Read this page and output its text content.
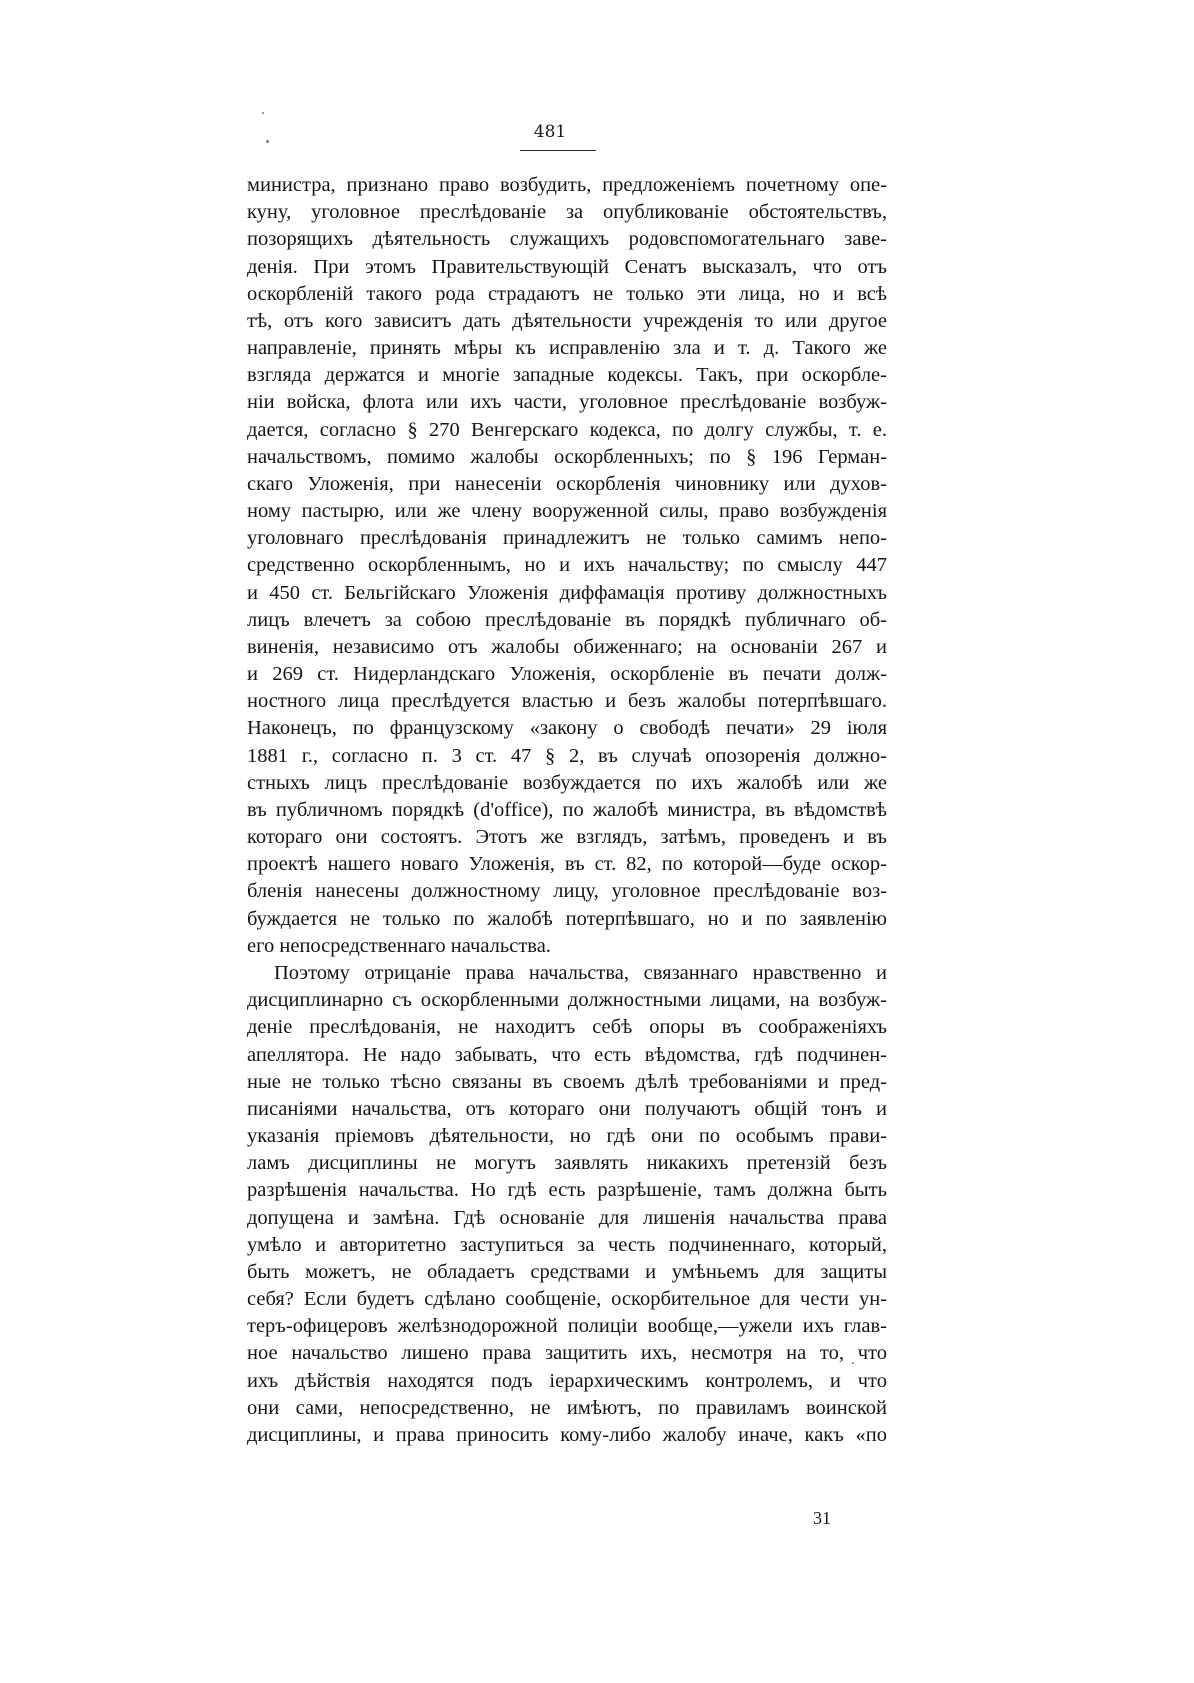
481
министра, признано право возбудить, предложеніемъ почетному опе-
куну, уголовное преслѣдованіе за опубликованіе обстоятельствъ,
позорящихъ дѣятельность служащихъ родовспомогательнаго заве-
денія. При этомъ Правительствующій Сенатъ высказалъ, что отъ
оскорбленій такого рода страдаютъ не только эти лица, но и всѣ
тѣ, отъ кого зависитъ дать дѣятельности учрежденія то или другое
направленіе, принять мѣры къ исправленію зла и т. д. Такого же
взгляда держатся и многіе западные кодексы. Такъ, при оскорбле-
ніи войска, флота или ихъ части, уголовное преслѣдованіе возбуж-
дается, согласно § 270 Венгерскаго кодекса, по долгу службы, т. е.
начальствомъ, помимо жалобы оскорбленныхъ; по § 196 Герман-
скаго Уложенія, при нанесеніи оскорбленія чиновнику или духов-
ному пастырю, или же члену вооруженной силы, право возбужденія
уголовнаго преслѣдованія принадлежитъ не только самимъ непо-
средственно оскорбленнымъ, но и ихъ начальству; по смыслу 447
и 450 ст. Бельгійскаго Уложенія диффамація противу должностныхъ
лицъ влечетъ за собою преслѣдованіе въ порядкѣ публичнаго об-
виненія, независимо отъ жалобы обиженнаго; на основаніи 267 и
и 269 ст. Нидерландскаго Уложенія, оскорбленіе въ печати долж-
ностного лица преслѣдуется властью и безъ жалобы потерпѣвшаго.
Наконецъ, по французскому «закону о свободѣ печати» 29 іюля
1881 г., согласно п. 3 ст. 47 § 2, въ случаѣ опозоренія должно-
стныхъ лицъ преслѣдованіе возбуждается по ихъ жалобѣ или же
въ публичномъ порядкѣ (d'office), по жалобѣ министра, въ вѣдомствѣ
котораго они состоятъ. Этотъ же взглядъ, затѣмъ, проведенъ и въ
проектѣ нашего новаго Уложенія, въ ст. 82, по которой—буде оскор-
бленія нанесены должностному лицу, уголовное преслѣдованіе воз-
буждается не только по жалобѣ потерпѣвшаго, но и по заявленію
его непосредственнаго начальства.
Поэтому отрицаніе права начальства, связаннаго нравственно и
дисциплинарно съ оскорбленными должностными лицами, на возбуж-
деніе преслѣдованія, не находитъ себѣ опоры въ соображеніяхъ
апеллятора. Не надо забывать, что есть вѣдомства, гдѣ подчинен-
ные не только тѣсно связаны въ своемъ дѣлѣ требованіями и пред-
писаніями начальства, отъ котораго они получаютъ общій тонъ и
указанія пріемовъ дѣятельности, но гдѣ они по особымъ прави-
ламъ дисциплины не могутъ заявлять никакихъ претензій безъ
разрѣшенія начальства. Но гдѣ есть разрѣшеніе, тамъ должна быть
допущена и замѣна. Гдѣ основаніе для лишенія начальства права
умѣло и авторитетно заступиться за честь подчиненнаго, который,
быть можетъ, не обладаетъ средствами и умѣньемъ для защиты
себя? Если будетъ сдѣлано сообщеніе, оскорбительное для чести ун-
теръ-офицеровъ желѣзнодорожной полиціи вообще,—ужели ихъ глав-
ное начальство лишено права защитить ихъ, несмотря на то, что
ихъ дѣйствія находятся подъ іерархическимъ контролемъ, и что
они сами, непосредственно, не имѣютъ, по правиламъ воинской
дисциплины, и права приносить кому-либо жалобу иначе, какъ «по
31
